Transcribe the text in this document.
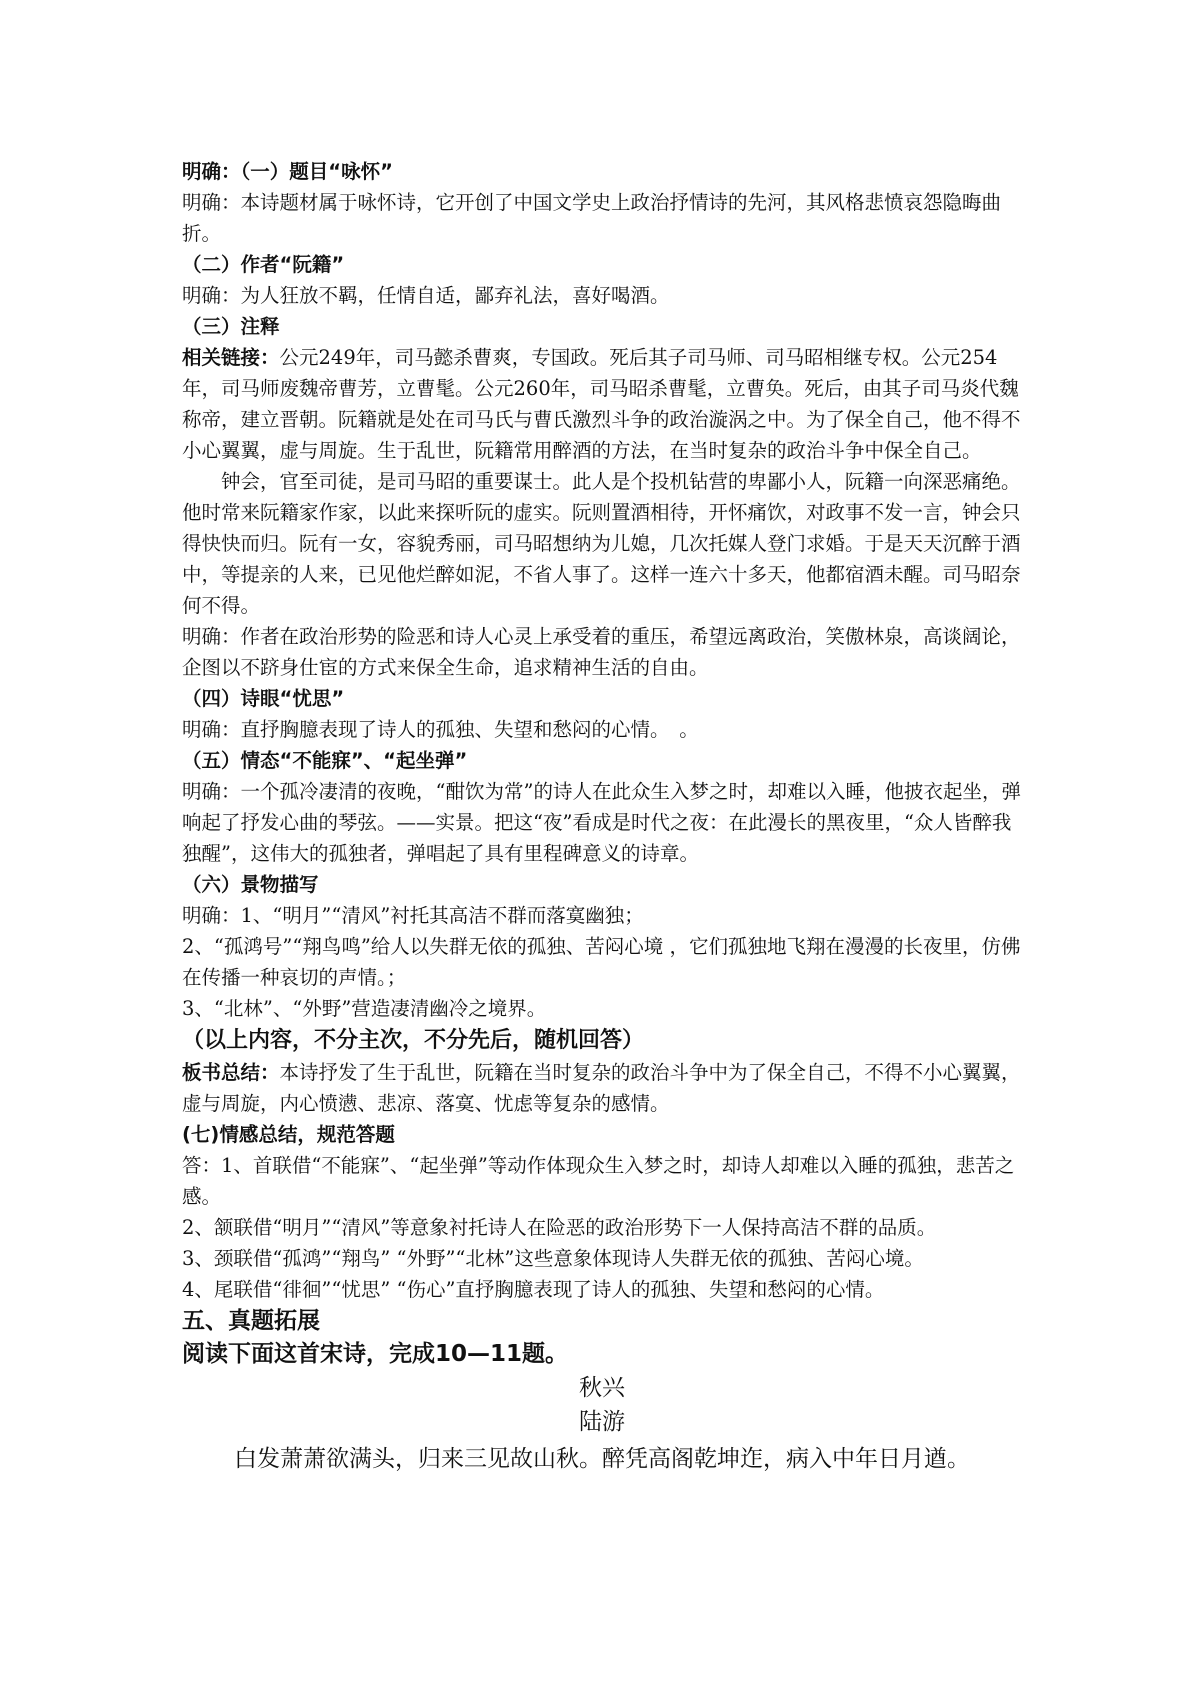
明确：（一）题目“咏怀”
明确：本诗题材属于咏怀诗，它开创了中国文学史上政治抒情诗的先河，其风格悲愤哀怨隐晦曲折。
（二）作者“阮籍”
明确：为人狂放不羁，任情自适，鄙弃礼法，喜好喝酒。
（三）注释
相关链接：公元249年，司马懿杀曹爽，专国政。死后其子司马师、司马昭相继专权。公元254年，司马师废魏帝曹芳，立曹髦。公元260年，司马昭杀曹髦，立曹奂。死后，由其子司马炎代魏称帝，建立晋朝。阮籍就是处在司马氏与曹氏激烈斗争的政治漩涡之中。为了保全自己，他不得不小心翼翼，虚与周旋。生于乱世，阮籍常用醉酒的方法，在当时复杂的政治斗争中保全自己。
钟会，官至司徒，是司马昭的重要谋士。此人是个投机钻营的卑鄙小人，阮籍一向深恶痛绝。他时常来阮籍家作家，以此来探听阮的虚实。阮则置酒相待，开怀痛饮，对政事不发一言，钟会只得快快而归。阮有一女，容貌秀丽，司马昭想纳为儿媳，几次托媒人登门求婚。于是天天沉醉于酒中，等提亲的人来，已见他烂醉如泥，不省人事了。这样一连六十多天，他都宿酒未醒。司马昭奈何不得。
明确：作者在政治形势的险恶和诗人心灵上承受着的重压，希望远离政治，笑傲林泉，高谈阔论，企图以不跻身仕宦的方式来保全生命，追求精神生活的自由。
（四）诗眼“忧思”
明确：直抒胸臆表现了诗人的孤独、失望和愁闷的心情。　。
（五）情态“不能寐”、“起坐弹”
明确：一个孤冷凄清的夜晚，“酣饮为常”的诗人在此众生入梦之时，却难以入睡，他披衣起坐，弹响起了抒发心曲的琴弦。——实景。把这“夜”看成是时代之夜：在此漫长的黑夜里，“众人皆醉我独醒”，这伟大的孤独者，弹唱起了具有里程碑意义的诗章。
（六）景物描写
明确：1、“明月”“清风”衬托其高洁不群而落寞幽独；
2、“孤鸿号”“翔鸟鸣”给人以失群无依的孤独、苦闷心境 ，它们孤独地飞翔在漫漫的长夜里，仿佛在传播一种哀切的声情。；
3、“北林”、“外野”营造凄清幽冷之境界。
（以上内容，不分主次，不分先后，随机回答）
板书总结：本诗抒发了生于乱世，阮籍在当时复杂的政治斗争中为了保全自己，不得不小心翼翼，虚与周旋，内心愤懑、悲凉、落寞、忧虑等复杂的感情。
(七)情感总结，规范答题
答：1、首联借“不能寐”、“起坐弹”等动作体现众生入梦之时，却诗人却难以入睡的孤独，悲苦之感。
2、颔联借“明月”“清风”等意象衬托诗人在险恶的政治形势下一人保持高洁不群的品质。
3、颈联借“孤鸿”“翔鸟” “外野”“北林”这些意象体现诗人失群无依的孤独、苦闷心境。
4、尾联借“徘徊”“忧思” “伤心”直抒胸臆表现了诗人的孤独、失望和愁闷的心情。
五、真题拓展
阅读下面这首宋诗，完成10—11题。
秋兴
陆游
白发萧萧欲满头，归来三见故山秋。醉凭高阁乾坤迮，病入中年日月遒。
